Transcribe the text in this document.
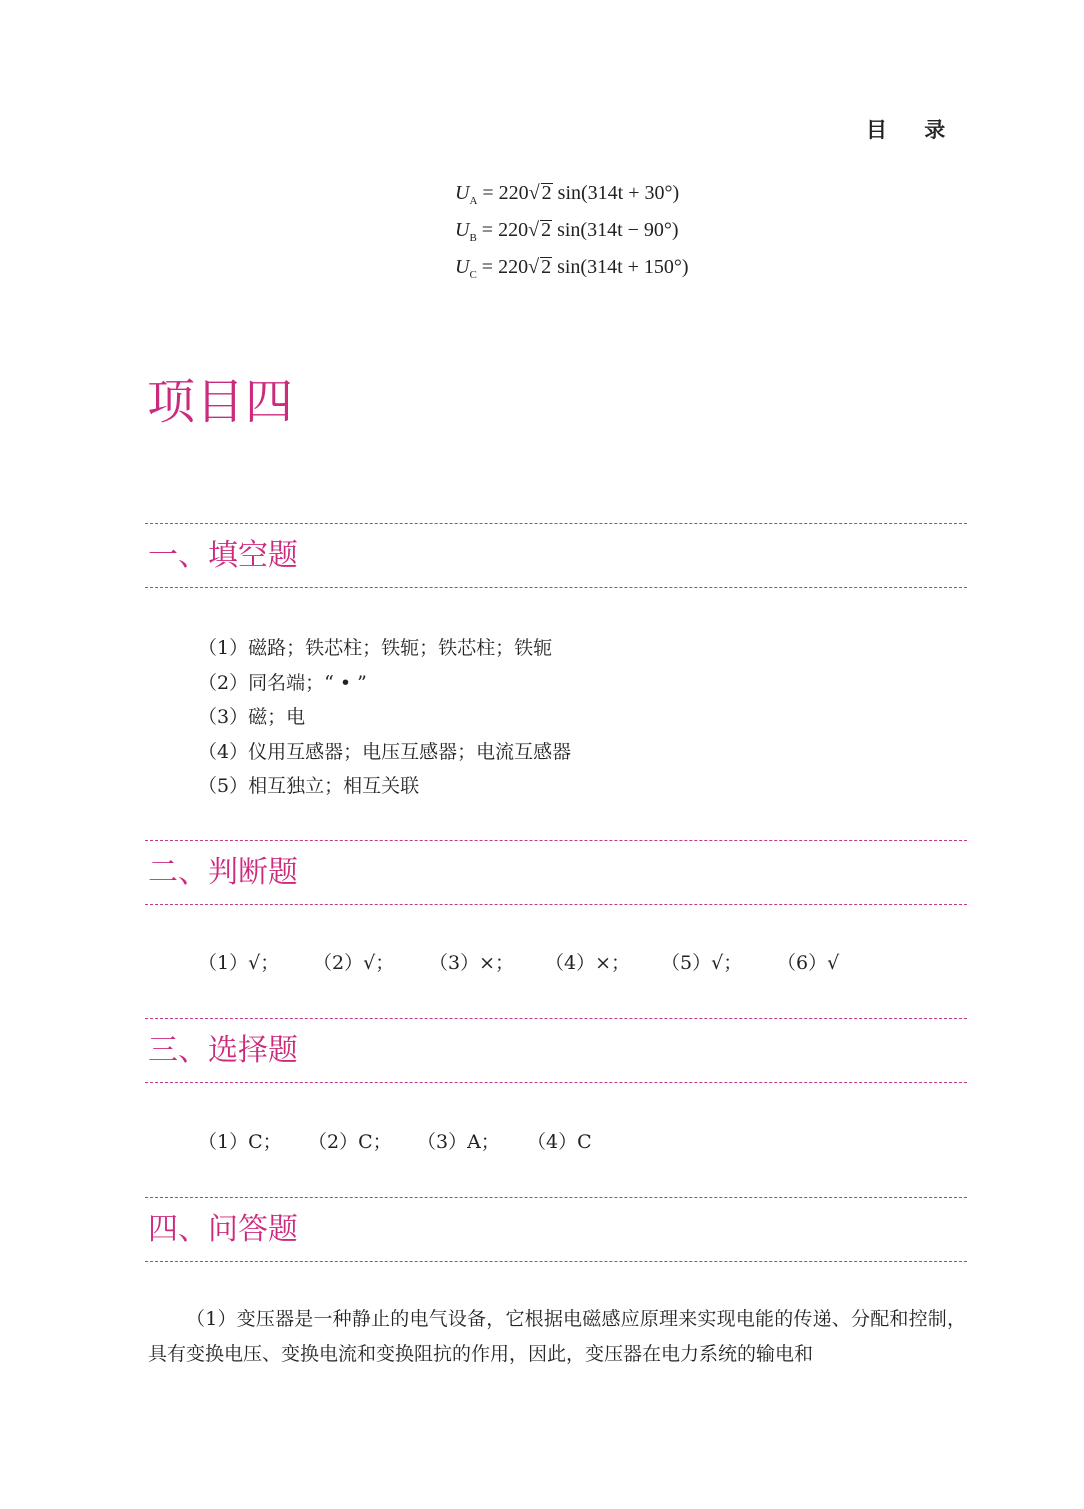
目 录
$U_A = 220√$ 2 sin(314t + 30°)
$U_B = 220√$ 2 sin(314t − 90°)
$U_C = 220√$ 2 sin(314t + 150°)
项目四
一、填空题
（1）磁路；铁芯柱；铁轭；铁芯柱；铁轭
（2）同名端；“ • ”
（3）磁；电
（4）仪用互感器；电压互感器；电流互感器
（5）相互独立；相互关联
二、判断题
（1）√； （2）√； （3）×； （4）×； （5）√； （6）√
三、选择题
（1）C； （2）C； （3）A； （4）C
四、问答题
（1）变压器是一种静止的电气设备，它根据电磁感应原理来实现电能的传递、分配和控制，具有变换电压、变换电流和变换阻抗的作用，因此，变压器在电力系统的输电和
